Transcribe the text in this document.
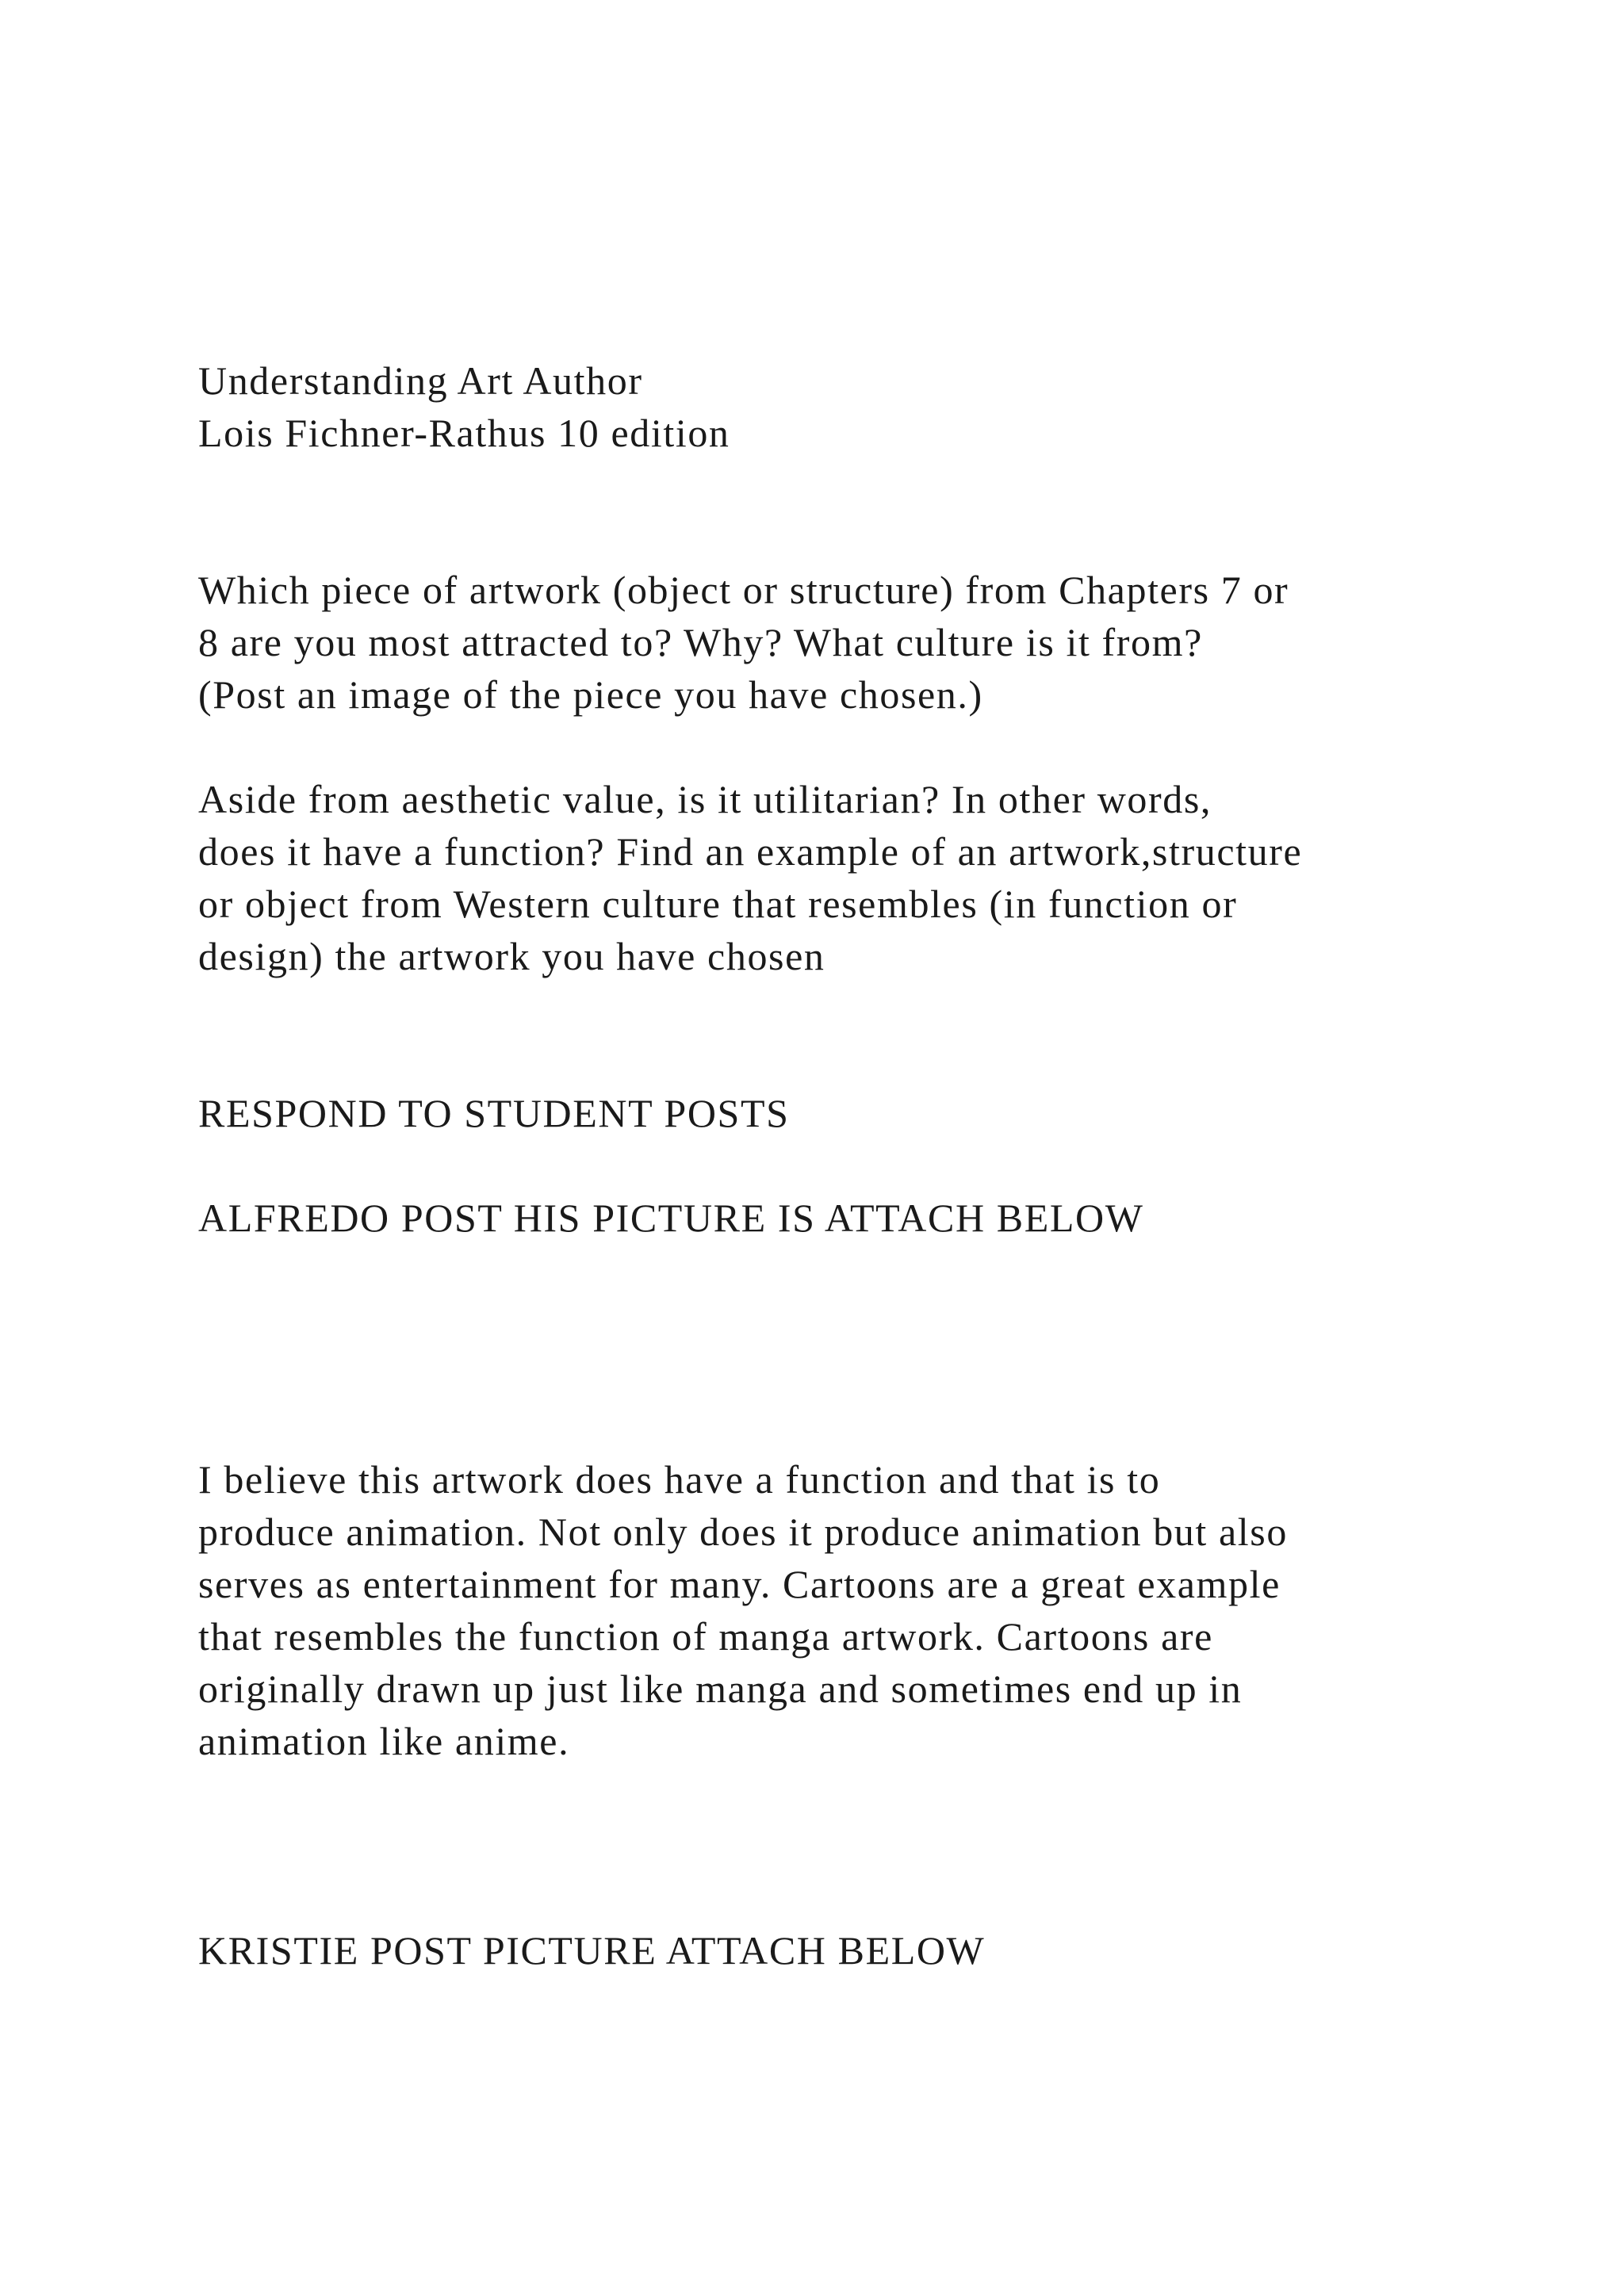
Understanding Art Author

Lois Fichner-Rathus 10 edition

Which piece of artwork (object or structure) from Chapters 7 or

8 are you most attracted to? Why? What culture is it from?

(Post an image of the piece you have chosen.)

Aside from aesthetic value, is it utilitarian? In other words,

does it have a function? Find an example of an artwork,structure

or object from Western culture that resembles (in function or

design) the artwork you have chosen

RESPOND TO STUDENT POSTS

ALFREDO POST HIS PICTURE IS ATTACH BELOW

I believe this artwork does have a function and that is to

produce animation. Not only does it produce animation but also

serves as entertainment for many. Cartoons are a great example

that resembles the function of manga artwork. Cartoons are

originally drawn up just like manga and sometimes end up in

animation like anime.

KRISTIE POST PICTURE ATTACH BELOW
